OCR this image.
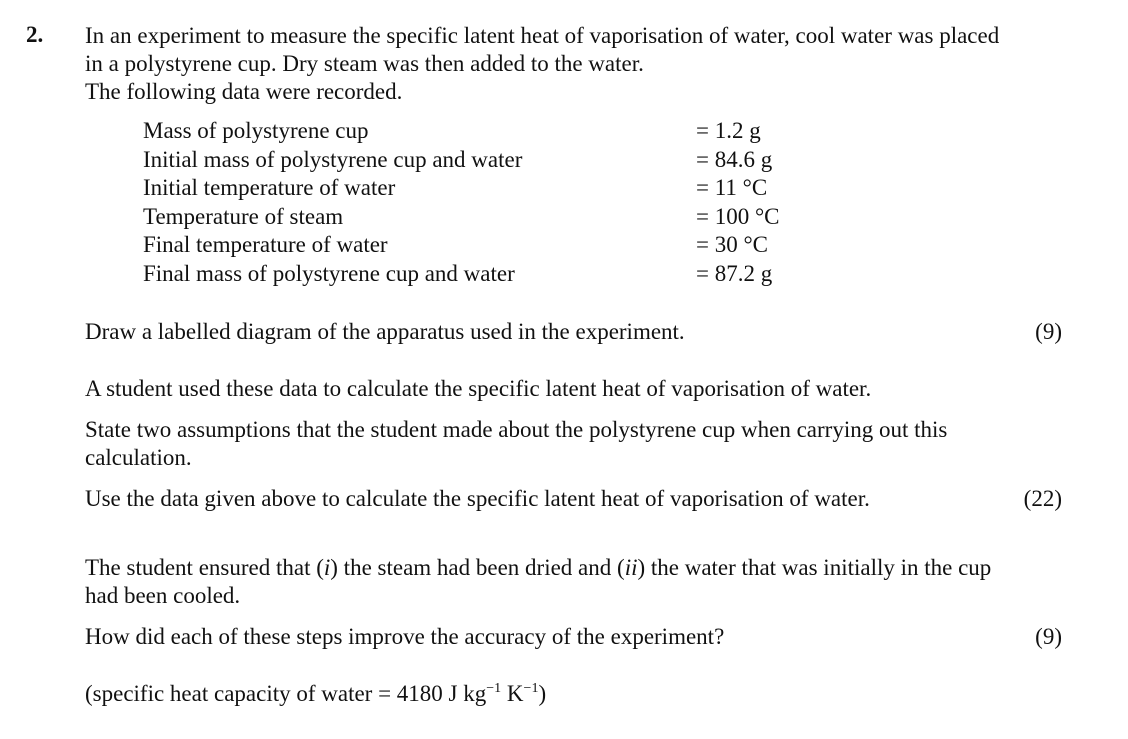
2. In an experiment to measure the specific latent heat of vaporisation of water, cool water was placed
in a polystyrene cup. Dry steam was then added to the water.
The following data were recorded.
Mass of polystyrene cup	= 1.2 g
Initial mass of polystyrene cup and water	= 84.6 g
Initial temperature of water	= 11 °C
Temperature of steam	= 100 °C
Final temperature of water	= 30 °C
Final mass of polystyrene cup and water	= 87.2 g
Draw a labelled diagram of the apparatus used in the experiment.	(9)
A student used these data to calculate the specific latent heat of vaporisation of water.
State two assumptions that the student made about the polystyrene cup when carrying out this
calculation.
Use the data given above to calculate the specific latent heat of vaporisation of water.	(22)
The student ensured that (i) the steam had been dried and (ii) the water that was initially in the cup
had been cooled.
How did each of these steps improve the accuracy of the experiment?	(9)
(specific heat capacity of water = 4180 J $kg^{-1}$ $K^{-1}$)
